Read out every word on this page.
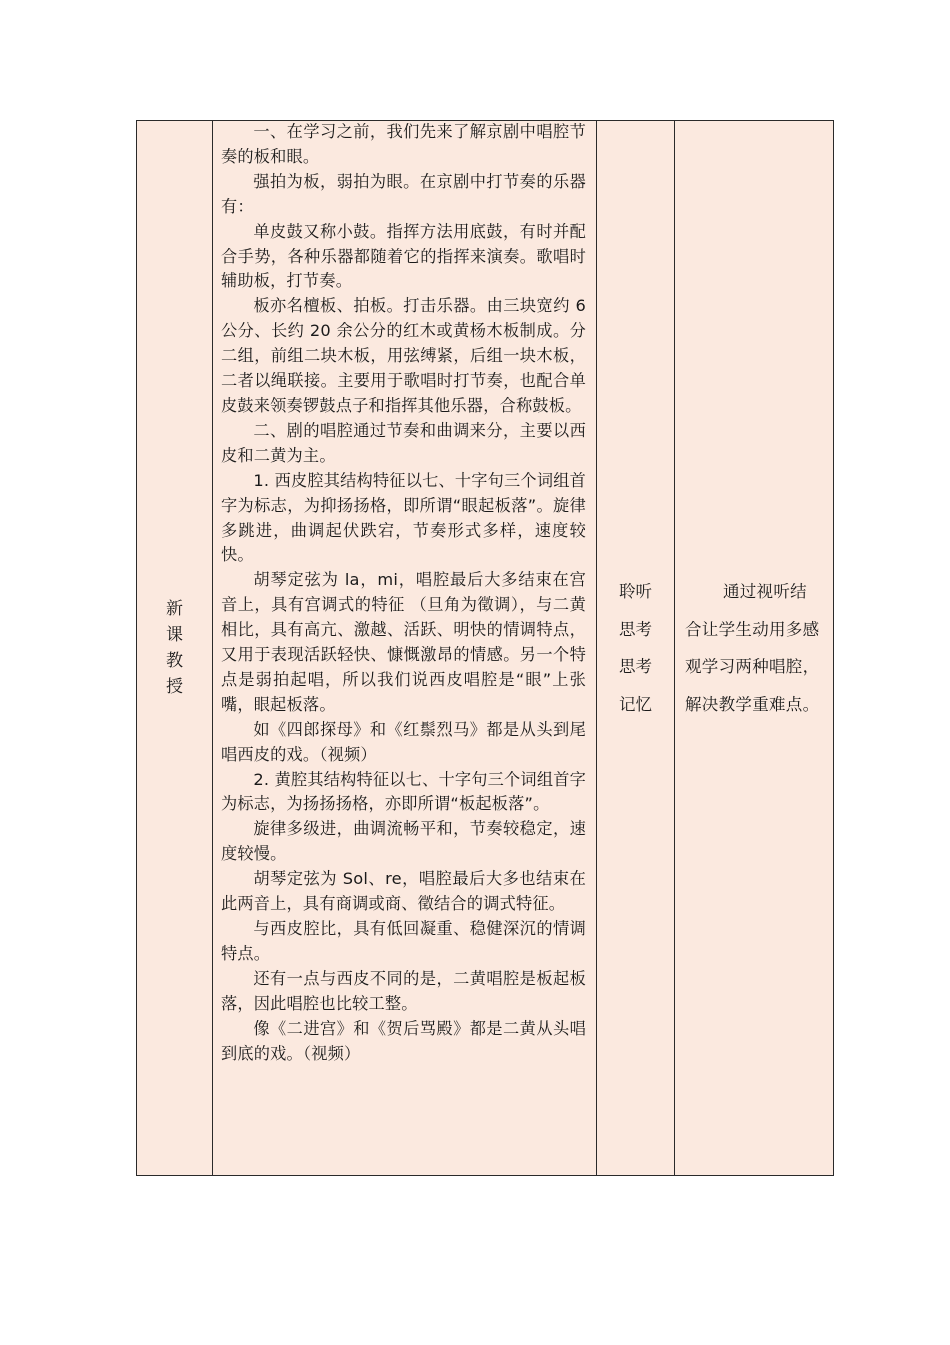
新课教授

一、在学习之前，我们先来了解京剧中唱腔节奏的板和眼。

强拍为板，弱拍为眼。在京剧中打节奏的乐器有：

单皮鼓又称小鼓。指挥方法用底鼓，有时并配合手势，各种乐器都随着它的指挥来演奏。歌唱时辅助板，打节奏。

板亦名檀板、拍板。打击乐器。由三块宽约 6 公分、长约 20 余公分的红木或黄杨木板制成。分二组，前组二块木板，用弦缚紧，后组一块木板，二者以绳联接。主要用于歌唱时打节奏，也配合单皮鼓来领奏锣鼓点子和指挥其他乐器，合称鼓板。

二、剧的唱腔通过节奏和曲调来分，主要以西皮和二黄为主。

1. 西皮腔其结构特征以七、十字句三个词组首字为标志，为抑扬扬格，即所谓“眼起板落”。旋律多跳进，曲调起伏跌宕，节奏形式多样，速度较快。

胡琴定弦为 la，mi，唱腔最后大多结束在宫音上，具有宫调式的特征 （旦角为徵调），与二黄相比，具有高亢、激越、活跃、明快的情调特点，又用于表现活跃轻快、慷慨激昂的情感。另一个特点是弱拍起唱，所以我们说西皮唱腔是“眼”上张嘴，眼起板落。

如《四郎探母》和《红鬃烈马》都是从头到尾唱西皮的戏。（视频）

2. 黄腔其结构特征以七、十字句三个词组首字为标志，为扬扬扬格，亦即所谓“板起板落”。

旋律多级进，曲调流畅平和，节奏较稳定，速度较慢。

胡琴定弦为 Sol、re，唱腔最后大多也结束在此两音上，具有商调或商、徵结合的调式特征。

与西皮腔比，具有低回凝重、稳健深沉的情调特点。

还有一点与西皮不同的是，二黄唱腔是板起板落，因此唱腔也比较工整。

像《二进宫》和《贺后骂殿》都是二黄从头唱到底的戏。（视频）

聆听
思考
思考
记忆

通过视听结合让学生动用多感观学习两种唱腔，解决教学重难点。
